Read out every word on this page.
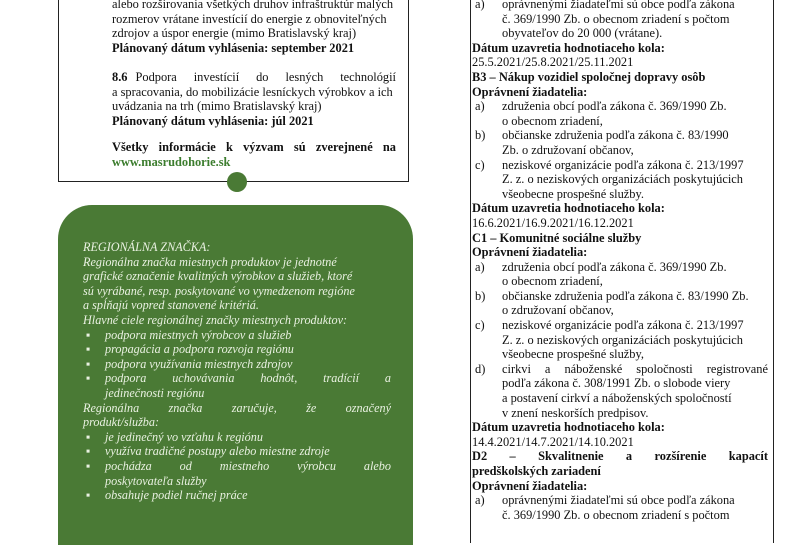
alebo rozširovania všetkých druhov infraštruktúr malých
rozmerov vrátane investícií do energie z obnoviteľných
zdrojov a úspor energie (mimo Bratislavský kraj)
Plánovaný dátum vyhlásenia: september 2021
8.6 Podpora investícií do lesných technológií
a spracovania, do mobilizácie lesníckych výrobkov a ich
uvádzania na trh (mimo Bratislavský kraj)
Plánovaný dátum vyhlásenia: júl 2021
Všetky informácie k výzvam sú zverejnené na
www.masrudohorie.sk

REGIONÁLNA ZNAČKA:

Regionálna značka miestnych produktov je jednotné

grafické označenie kvalitných výrobkov a služieb, ktoré

sú vyrábané, resp. poskytované vo vymedzenom regióne

a spĺňajú vopred stanovené kritériá.

Hlavné ciele regionálnej značky miestnych produktov:

▪ podpora miestnych výrobcov a služieb
▪ propagácia a podpora rozvoja regiónu
▪ podpora využívania miestnych zdrojov
▪ podpora uchovávania hodnôt, tradícií a
jedinečnosti regiónu

Regionálna značka zaručuje, že označený

produkt/služba:

▪ je jedinečný vo vzťahu k regiónu
▪ využíva tradičné postupy alebo miestne zdroje
▪ pochádza od miestneho výrobcu alebo
poskytovateľa služby
▪ obsahuje podiel ručnej práce
a) oprávnenými žiadateľmi sú obce podľa zákona
č. 369/1990 Zb. o obecnom zriadení s počtom
obyvateľov do 20 000 (vrátane).

Dátum uzavretia hodnotiaceho kola:

25.5.2021/25.8.2021/25.11.2021

B3 – Nákup vozidiel spoločnej dopravy osôb

Oprávnení žiadatelia:

a) združenia obcí podľa zákona č. 369/1990 Zb.
o obecnom zriadení,
b) občianske združenia podľa zákona č. 83/1990
Zb. o združovaní občanov,
c) neziskové organizácie podľa zákona č. 213/1997
Z. z. o neziskových organizáciách poskytujúcich
všeobecne prospešné služby.

Dátum uzavretia hodnotiaceho kola:

16.6.2021/16.9.2021/16.12.2021

C1 – Komunitné sociálne služby

Oprávnení žiadatelia:

a) združenia obcí podľa zákona č. 369/1990 Zb.
o obecnom zriadení,
b) občianske združenia podľa zákona č. 83/1990 Zb.
o združovaní občanov,
c) neziskové organizácie podľa zákona č. 213/1997
Z. z. o neziskových organizáciách poskytujúcich
všeobecne prospešné služby,
d) cirkvi a náboženské spoločnosti registrované
podľa zákona č. 308/1991 Zb. o slobode viery
a postavení cirkví a náboženských spoločností
v znení neskorších predpisov.

Dátum uzavretia hodnotiaceho kola:

14.4.2021/14.7.2021/14.10.2021

D2 – Skvalitnenie a rozšírenie kapacít

predškolských zariadení

Oprávnení žiadatelia:

a) oprávnenými žiadateľmi sú obce podľa zákona
č. 369/1990 Zb. o obecnom zriadení s počtom
